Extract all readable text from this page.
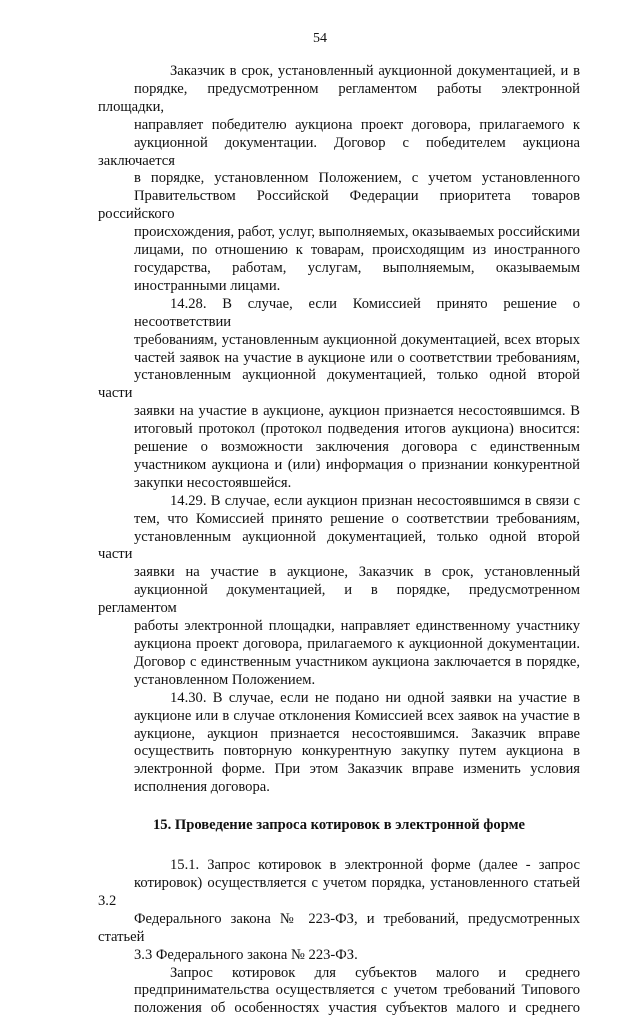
54
Заказчик в срок, установленный аукционной документацией, и в
порядке, предусмотренном регламентом работы электронной площадки,
направляет победителю аукциона проект договора, прилагаемого к
аукционной документации. Договор с победителем аукциона заключается
в порядке, установленном Положением, с учетом установленного
Правительством Российской Федерации приоритета товаров российского
происхождения, работ, услуг, выполняемых, оказываемых российскими
лицами, по отношению к товарам, происходящим из иностранного
государства, работам, услугам, выполняемым, оказываемым
иностранными лицами.
14.28. В случае, если Комиссией принято решение о несоответствии
требованиям, установленным аукционной документацией, всех вторых
частей заявок на участие в аукционе или о соответствии требованиям,
установленным аукционной документацией, только одной второй части
заявки на участие в аукционе, аукцион признается несостоявшимся. В
итоговый протокол (протокол подведения итогов аукциона) вносится:
решение о возможности заключения договора с единственным
участником аукциона и (или) информация о признании конкурентной
закупки несостоявшейся.
14.29. В случае, если аукцион признан несостоявшимся в связи с
тем, что Комиссией принято решение о соответствии требованиям,
установленным аукционной документацией, только одной второй части
заявки на участие в аукционе, Заказчик в срок, установленный
аукционной документацией, и в порядке, предусмотренном регламентом
работы электронной площадки, направляет единственному участнику
аукциона проект договора, прилагаемого к аукционной документации.
Договор с единственным участником аукциона заключается в порядке,
установленном Положением.
14.30. В случае, если не подано ни одной заявки на участие в
аукционе или в случае отклонения Комиссией всех заявок на участие в
аукционе, аукцион признается несостоявшимся. Заказчик вправе
осуществить повторную конкурентную закупку путем аукциона в
электронной форме. При этом Заказчик вправе изменить условия
исполнения договора.
15. Проведение запроса котировок в электронной форме
15.1. Запрос котировок в электронной форме (далее - запрос
котировок) осуществляется с учетом порядка, установленного статьей 3.2
Федерального закона № 223-ФЗ, и требований, предусмотренных статьей
3.3 Федерального закона № 223-ФЗ.
Запрос котировок для субъектов малого и среднего
предпринимательства осуществляется с учетом требований Типового
положения об особенностях участия субъектов малого и среднего
